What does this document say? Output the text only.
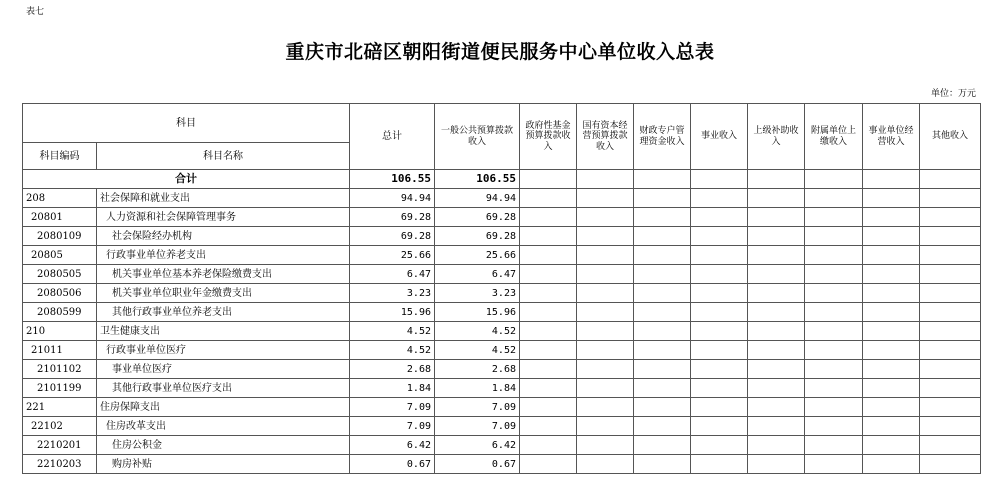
表七
重庆市北碚区朝阳街道便民服务中心单位收入总表
单位：万元
科目		总计	一般公共预算拨款收入	政府性基金预算拨款收入	国有资本经营预算拨款收入	财政专户管理资金收入	事业收入	上级补助收入	附属单位上缴收入	事业单位经营收入	其他收入
科目编码	科目名称										
合计		106.55	106.55								
208	社会保障和就业支出	94.94	94.94								
20801	人力资源和社会保障管理事务	69.28	69.28								
2080109	社会保险经办机构	69.28	69.28								
20805	行政事业单位养老支出	25.66	25.66								
2080505	机关事业单位基本养老保险缴费支出	6.47	6.47								
2080506	机关事业单位职业年金缴费支出	3.23	3.23								
2080599	其他行政事业单位养老支出	15.96	15.96								
210	卫生健康支出	4.52	4.52								
21011	行政事业单位医疗	4.52	4.52								
2101102	事业单位医疗	2.68	2.68								
2101199	其他行政事业单位医疗支出	1.84	1.84								
221	住房保障支出	7.09	7.09								
22102	住房改革支出	7.09	7.09								
2210201	住房公积金	6.42	6.42								
2210203	购房补贴	0.67	0.67								
